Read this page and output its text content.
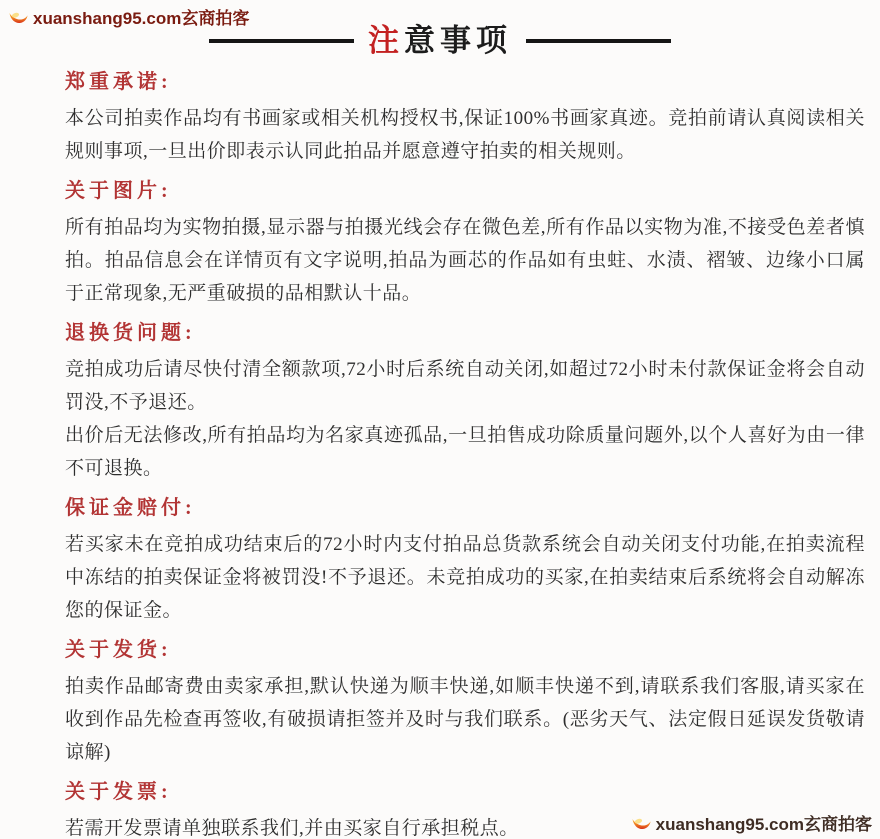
xuanshang95.com玄商拍客
注意事项
郑重承诺:

本公司拍卖作品均有书画家或相关机构授权书,保证100%书画家真迹。竞拍前请认真阅读相关规则事项,一旦出价即表示认同此拍品并愿意遵守拍卖的相关规则。

关于图片:

所有拍品均为实物拍摄,显示器与拍摄光线会存在微色差,所有作品以实物为准,不接受色差者慎拍。拍品信息会在详情页有文字说明,拍品为画芯的作品如有虫蛀、水渍、褶皱、边缘小口属于正常现象,无严重破损的品相默认十品。

退换货问题:

竞拍成功后请尽快付清全额款项,72小时后系统自动关闭,如超过72小时未付款保证金将会自动罚没,不予退还。

出价后无法修改,所有拍品均为名家真迹孤品,一旦拍售成功除质量问题外,以个人喜好为由一律不可退换。

保证金赔付:

若买家未在竞拍成功结束后的72小时内支付拍品总货款系统会自动关闭支付功能,在拍卖流程中冻结的拍卖保证金将被罚没!不予退还。未竞拍成功的买家,在拍卖结束后系统将会自动解冻您的保证金。

关于发货:

拍卖作品邮寄费由卖家承担,默认快递为顺丰快递,如顺丰快递不到,请联系我们客服,请买家在收到作品先检查再签收,有破损请拒签并及时与我们联系。(恶劣天气、法定假日延误发货敬请谅解)

关于发票:

若需开发票请单独联系我们,并由买家自行承担税点。	xuanshang95.com玄商拍客
